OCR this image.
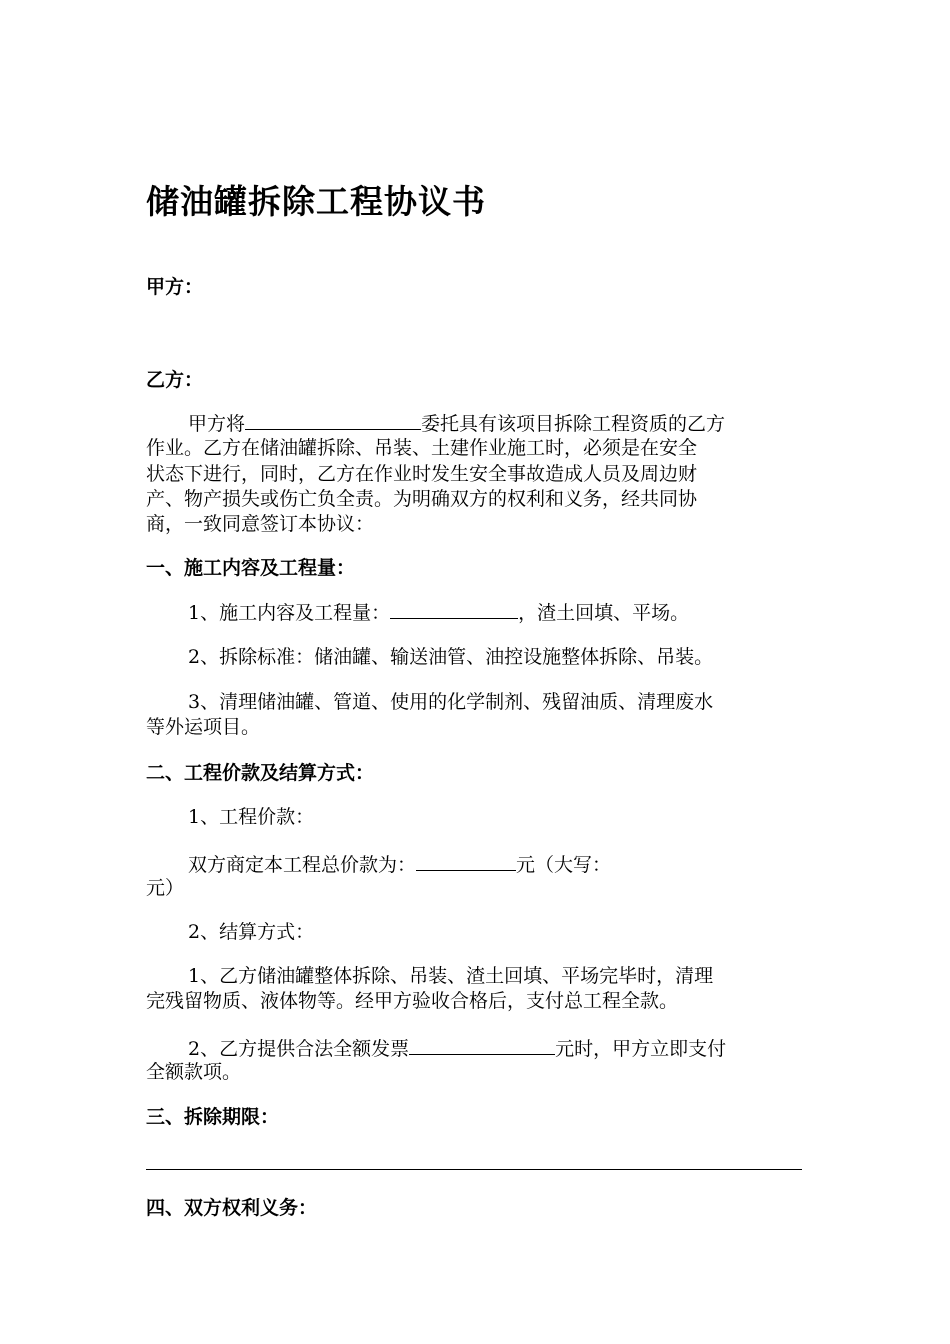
储油罐拆除工程协议书
甲方：
乙方：
甲方将	委托具有该项目拆除工程资质的乙方
作业。乙方在储油罐拆除、吊装、土建作业施工时，必须是在安全
状态下进行，同时，乙方在作业时发生安全事故造成人员及周边财
产、物产损失或伤亡负全责。为明确双方的权利和义务，经共同协
商，一致同意签订本协议：
一、施工内容及工程量：
1、施工内容及工程量：	，渣土回填、平场。
2、拆除标准：储油罐、输送油管、油控设施整体拆除、吊装。
3、清理储油罐、管道、使用的化学制剂、残留油质、清理废水
等外运项目。
二、工程价款及结算方式：
1、工程价款：
双方商定本工程总价款为：	元（大写：
元）
2、结算方式：
1、乙方储油罐整体拆除、吊装、渣土回填、平场完毕时，清理
完残留物质、液体物等。经甲方验收合格后，支付总工程全款。
2、乙方提供合法全额发票	元时，甲方立即支付
全额款项。
三、拆除期限：
四、双方权利义务：
